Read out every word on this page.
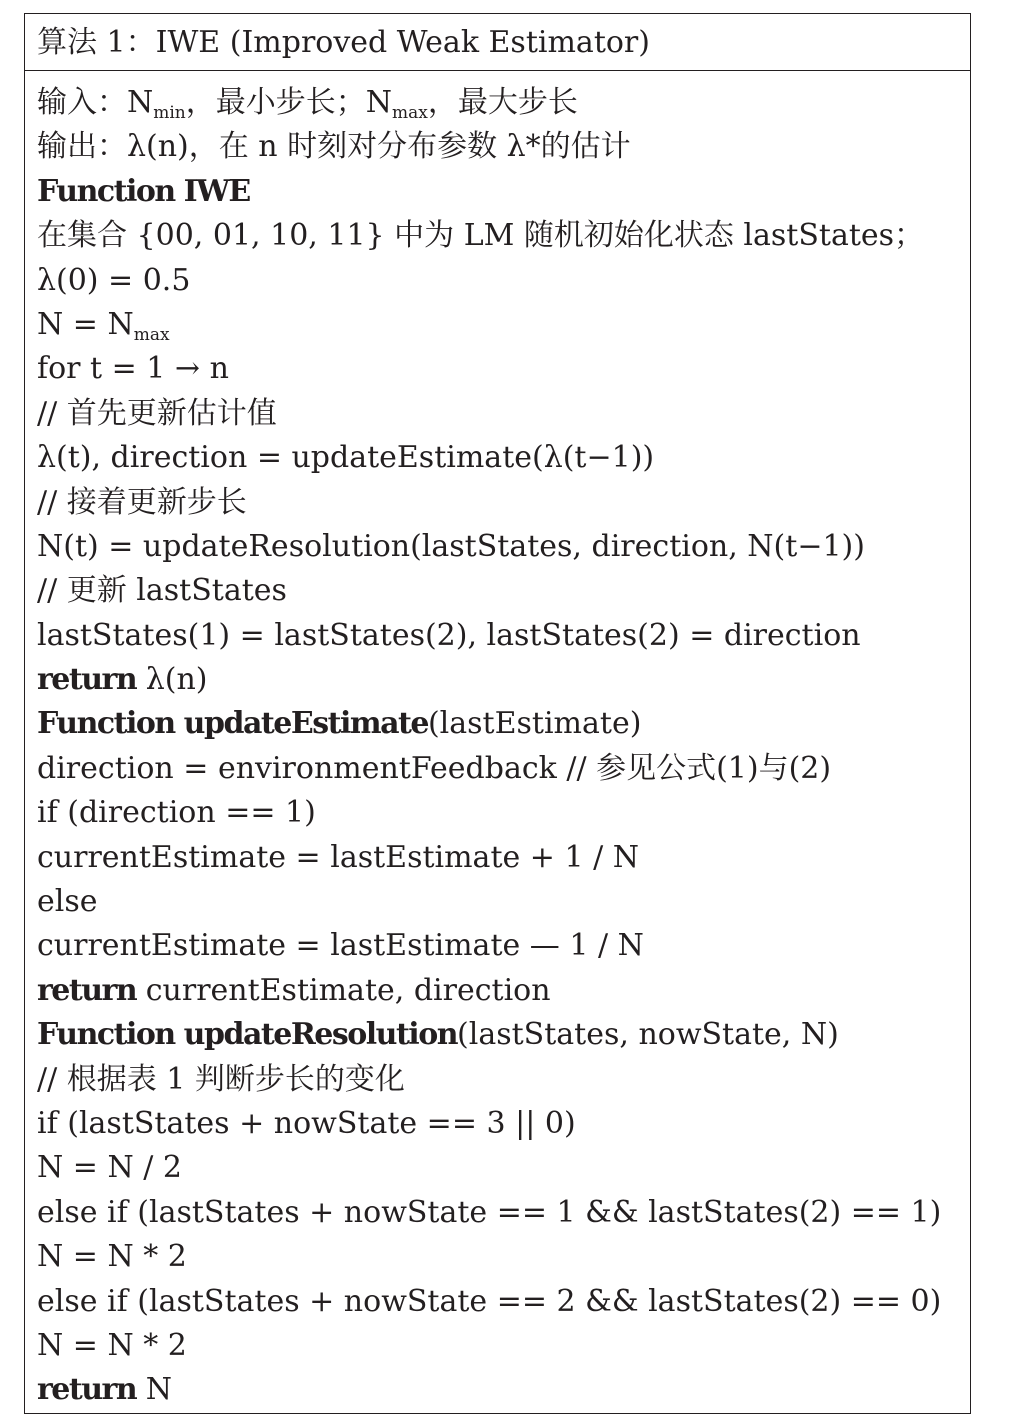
算法 1：IWE (Improved Weak Estimator)
输入：$N_{min}$，最小步长；$N_{max}$，最大步长
输出：λ(n)，在 n 时刻对分布参数 λ*的估计
Function IWE
在集合 {00, 01, 10, 11} 中为 LM 随机初始化状态 lastStates；
λ(0) = 0.5
$N = N_{max}$
for t = 1 → n
// 首先更新估计值
λ(t), direction = updateEstimate(λ(t−1))
// 接着更新步长
N(t) = updateResolution(lastStates, direction, N(t−1))
// 更新 lastStates
lastStates(1) = lastStates(2), lastStates(2) = direction
return λ(n)
Function updateEstimate(lastEstimate)
direction = environmentFeedback // 参见公式(1)与(2)
if (direction == 1)
currentEstimate = lastEstimate + 1 / N
else
currentEstimate = lastEstimate — 1 / N
return currentEstimate, direction
Function updateResolution(lastStates, nowState, N)
// 根据表 1 判断步长的变化
if (lastStates + nowState == 3 || 0)
N = N / 2
else if (lastStates + nowState == 1 && lastStates(2) == 1)
N = N * 2
else if (lastStates + nowState == 2 && lastStates(2) == 0)
N = N * 2
return N
